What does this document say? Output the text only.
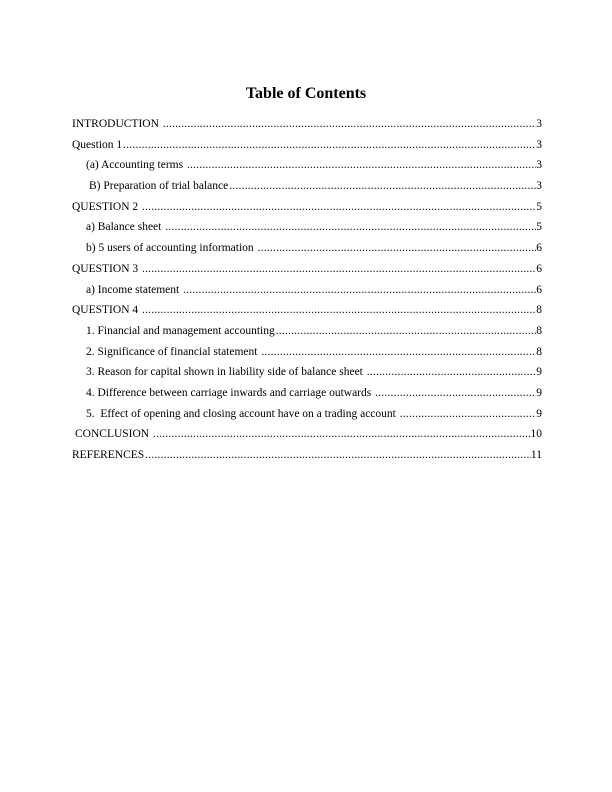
Table of Contents
INTRODUCTION .....	3
Question 1 .....	3
(a) Accounting terms .....	3
B) Preparation of trial balance .....	3
QUESTION 2 .....	5
a) Balance sheet .....	5
b) 5 users of accounting information .....	6
QUESTION 3 .....	6
a) Income statement .....	6
QUESTION 4 .....	8
1. Financial and management accounting .....	8
2. Significance of financial statement .....	8
3. Reason for capital shown in liability side of balance sheet .....	9
4. Difference between carriage inwards and carriage outwards .....	9
5.  Effect of opening and closing account have on a trading account .....	9
CONCLUSION .....	10
REFERENCES .....	11
